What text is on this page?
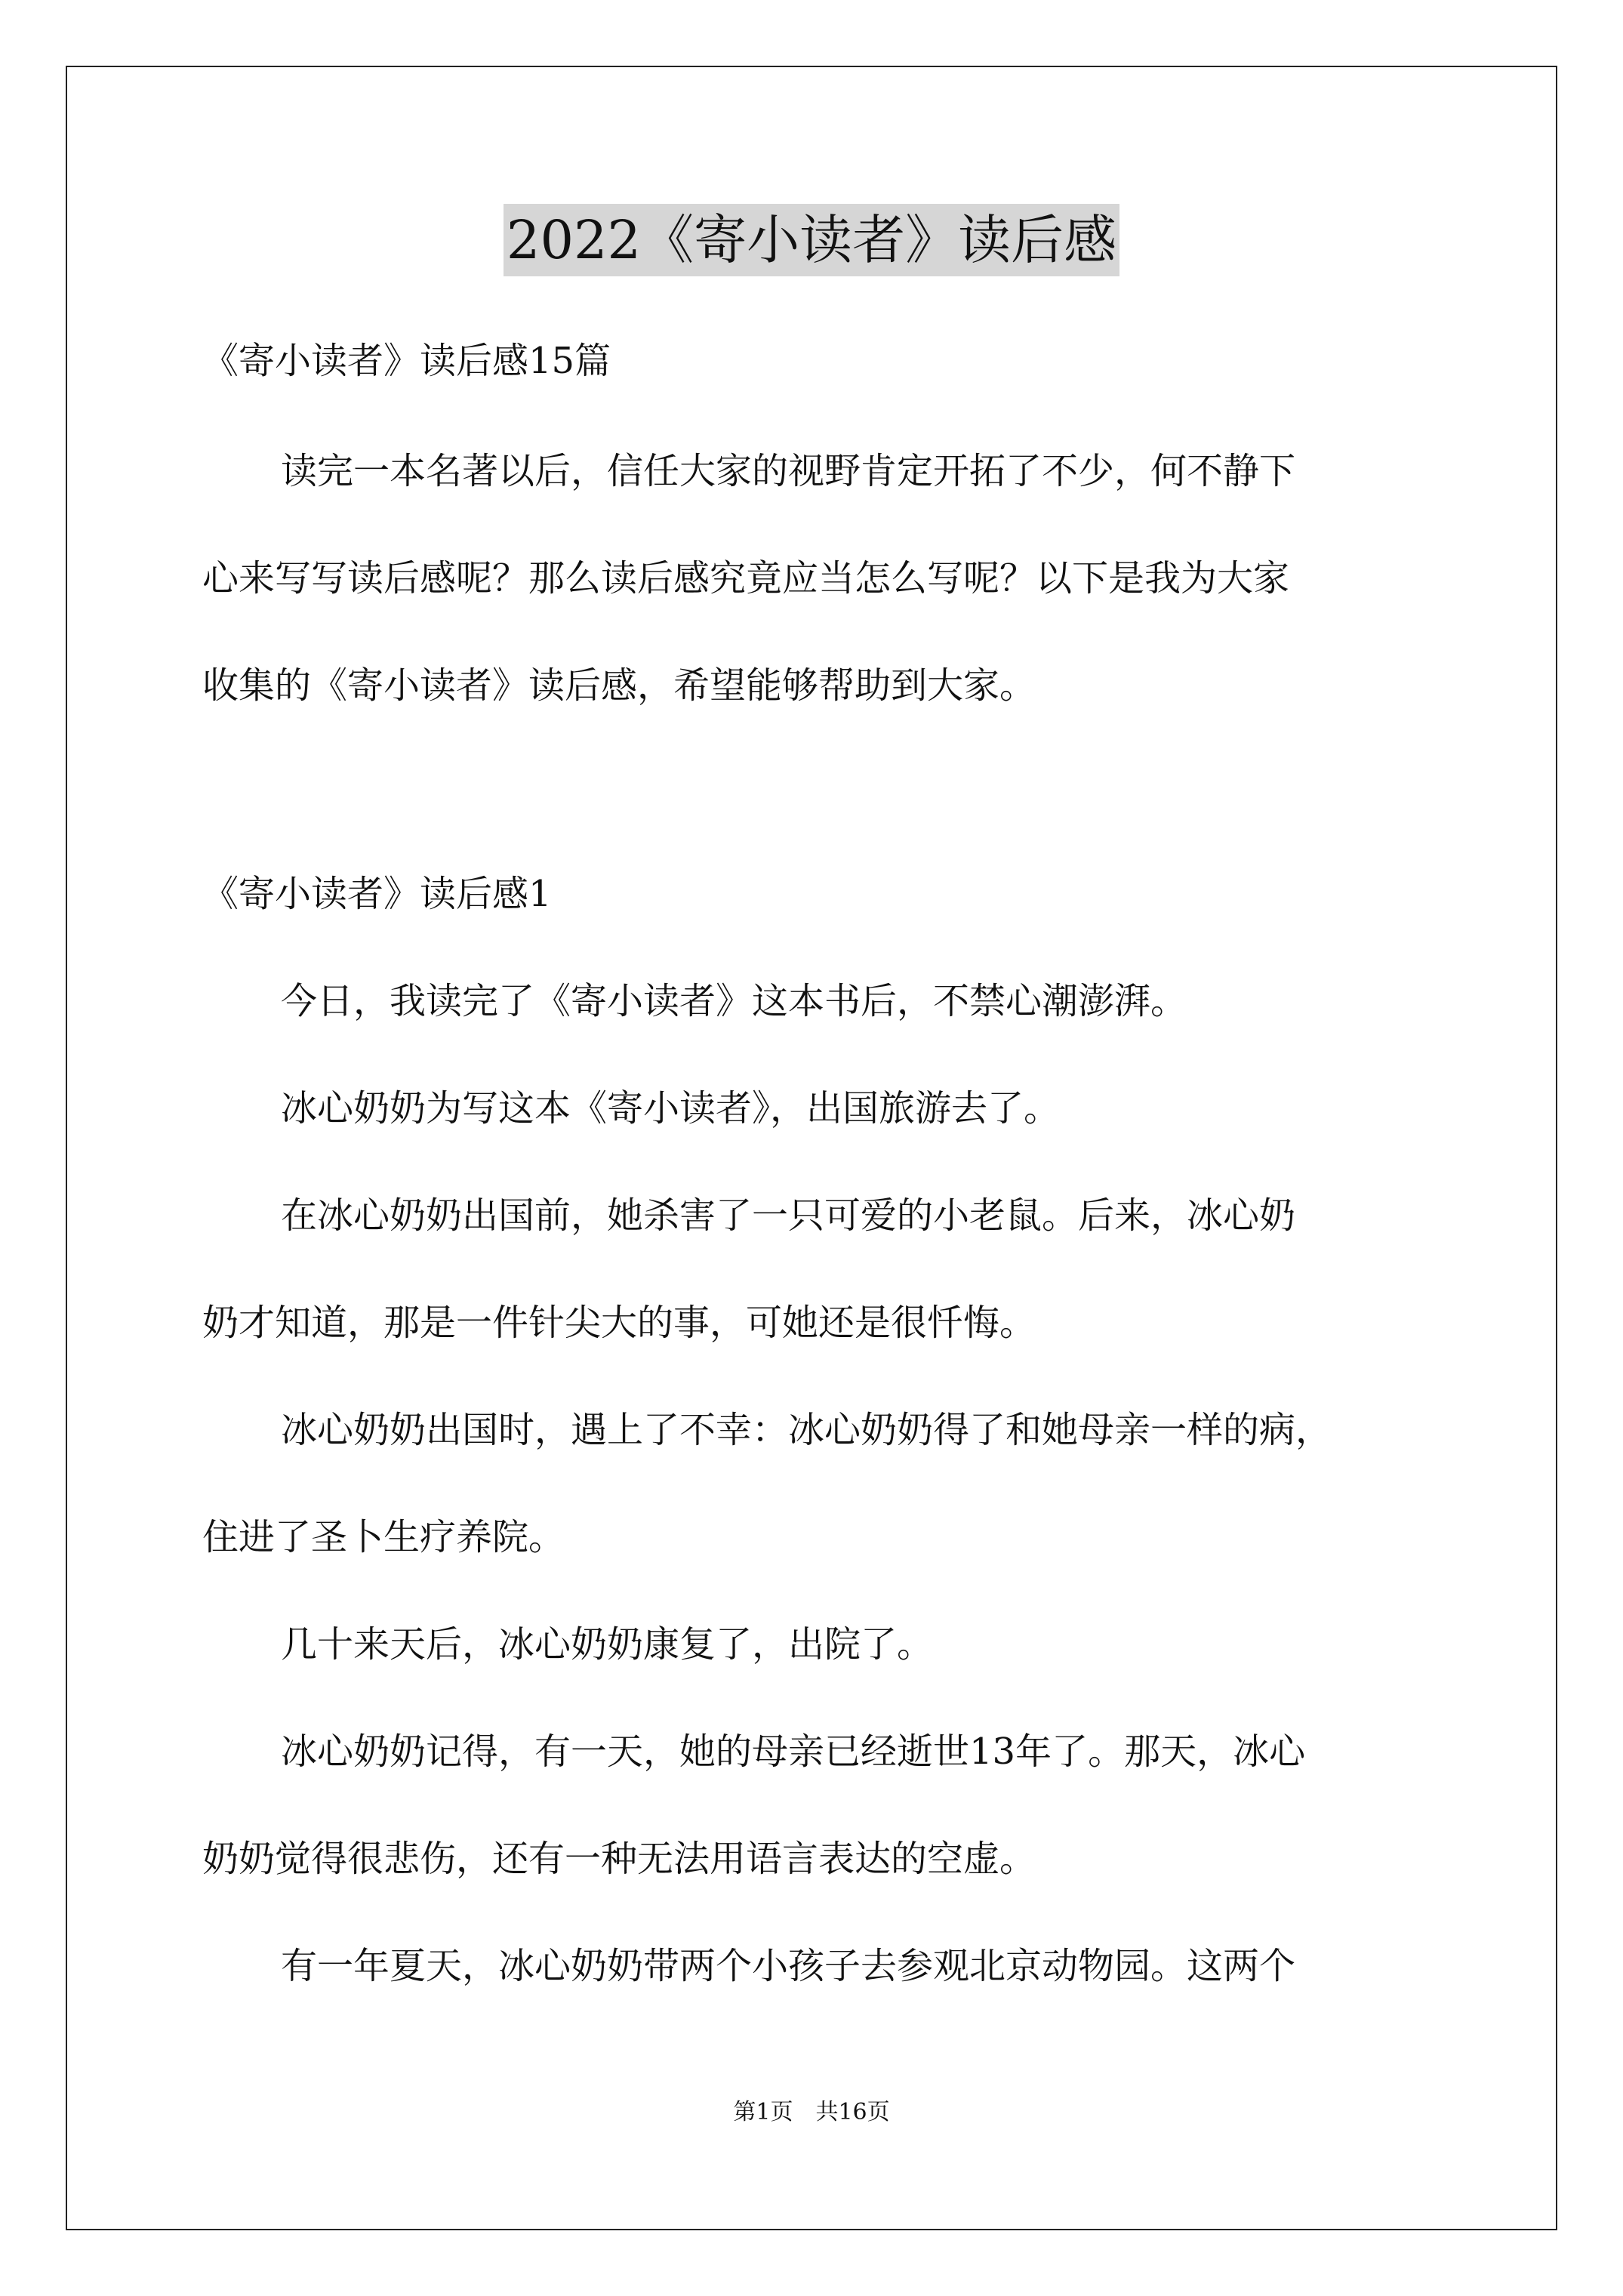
2022《寄小读者》读后感
《寄小读者》读后感15篇
读完一本名著以后，信任大家的视野肯定开拓了不少，何不静下
心来写写读后感呢？那么读后感究竟应当怎么写呢？以下是我为大家
收集的《寄小读者》读后感，希望能够帮助到大家。
《寄小读者》读后感1
今日，我读完了《寄小读者》这本书后，不禁心潮澎湃。
冰心奶奶为写这本《寄小读者》，出国旅游去了。
在冰心奶奶出国前，她杀害了一只可爱的小老鼠。后来，冰心奶
奶才知道，那是一件针尖大的事，可她还是很忏悔。
冰心奶奶出国时，遇上了不幸：冰心奶奶得了和她母亲一样的病，
住进了圣卜生疗养院。
几十来天后，冰心奶奶康复了，出院了。
冰心奶奶记得，有一天，她的母亲已经逝世13年了。那天，冰心
奶奶觉得很悲伤，还有一种无法用语言表达的空虚。
有一年夏天，冰心奶奶带两个小孩子去参观北京动物园。这两个
第1页　共16页
